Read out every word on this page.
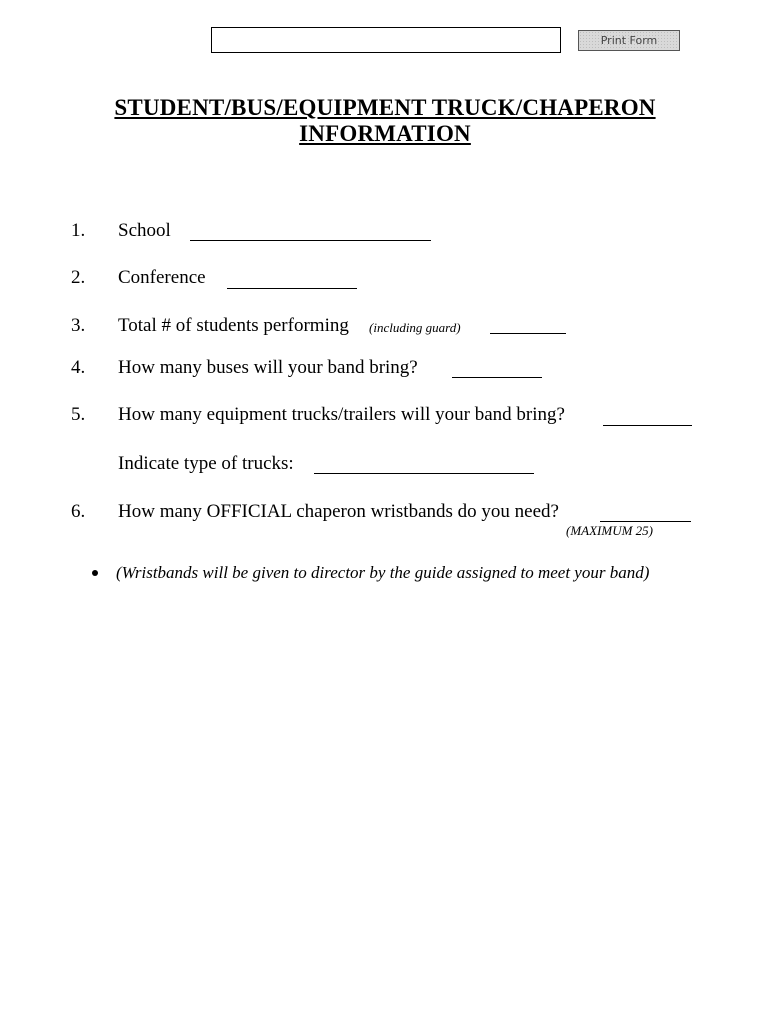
Print Form
STUDENT/BUS/EQUIPMENT TRUCK/CHAPERON
INFORMATION
1. School
2. Conference
3. Total # of students performing (including guard)
4. How many buses will your band bring?
5. How many equipment trucks/trailers will your band bring?
Indicate type of trucks:
6. How many OFFICIAL chaperon wristbands do you need?
(MAXIMUM 25)
(Wristbands will be given to director by the guide assigned to meet your band)
